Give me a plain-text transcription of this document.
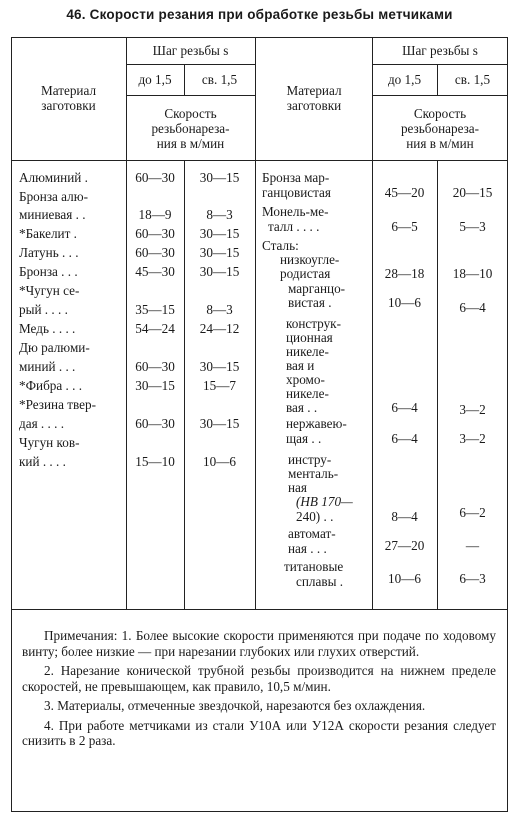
46. Скорости резания при обработке резьбы метчиками
Материал
заготовки
Шаг резьбы s
до 1,5	св. 1,5
Скорость
резьбонареза-
ния в м/мин
Материал
заготовки
Шаг резьбы s
до 1,5	св. 1,5
Скорость
резьбонареза-
ния в м/мин
Алюминий .	60—30	30—15
Бронза алю-
миниевая . .	18—9	8—3
*Бакелит .	60—30	30—15
Латунь . . .	60—30	30—15
Бронза . . .	45—30	30—15
*Чугун се-
рый . . . .	35—15	8—3
Медь . . . .	54—24	24—12
Дю ралюми-
миний . . .	60—30	30—15
*Фибра . . .	30—15	15—7
*Резина твер-
дая . . . .	60—30	30—15
Чугун ков-
кий . . . .	15—10	10—6
Бронза мар-
ганцовистая	45—20	20—15
Монель-ме-
талл . . . .	6—5	5—3
Сталь:
низкоугле-
родистая	28—18	18—10
марганцо-
вистая .	10—6	6—4
конструк-
ционная
никеле-
вая и
хромо-
никеле-
вая . .	6—4	3—2
нержавею-
щая . .	6—4	3—2
инстру-
менталь-
ная
(НВ 170—
240) . .	8—4	6—2
автомат-
ная . . .	27—20	—
титановые
сплавы .	10—6	6—3

Примечания: 1. Более высокие скорости применяются при подаче по ходовому винту; более низкие — при нарезании глубоких или глухих отверстий.

2. Нарезание конической трубной резьбы производится на нижнем пределе скоростей, не превышающем, как правило, 10,5 м/мин.

3. Материалы, отмеченные звездочкой, нарезаются без охлаждения.

4. При работе метчиками из стали У10А или У12А скорости резания следует снизить в 2 раза.
